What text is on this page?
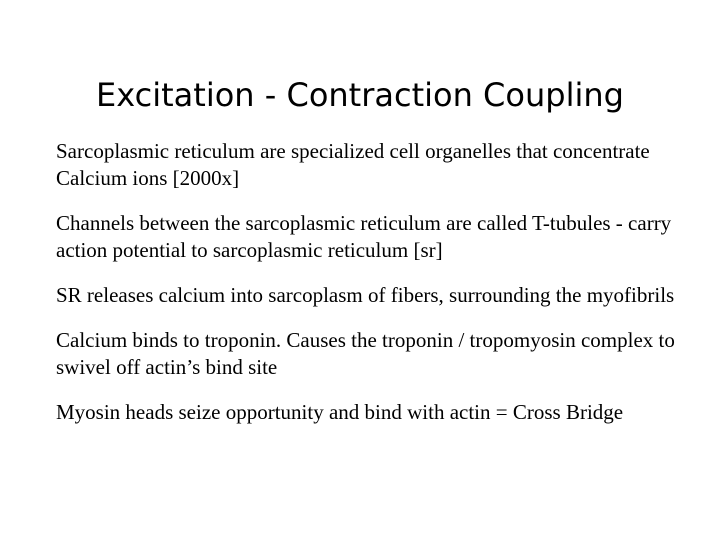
Excitation - Contraction Coupling
Sarcoplasmic reticulum are specialized cell organelles that concentrate Calcium ions [2000x]
Channels between the sarcoplasmic reticulum are called T-tubules - carry action potential to sarcoplasmic reticulum [sr]
SR releases calcium into sarcoplasm of fibers, surrounding the myofibrils
Calcium binds to troponin. Causes the troponin / tropomyosin complex to swivel off actin’s bind site
Myosin heads seize opportunity and bind with actin = Cross Bridge
